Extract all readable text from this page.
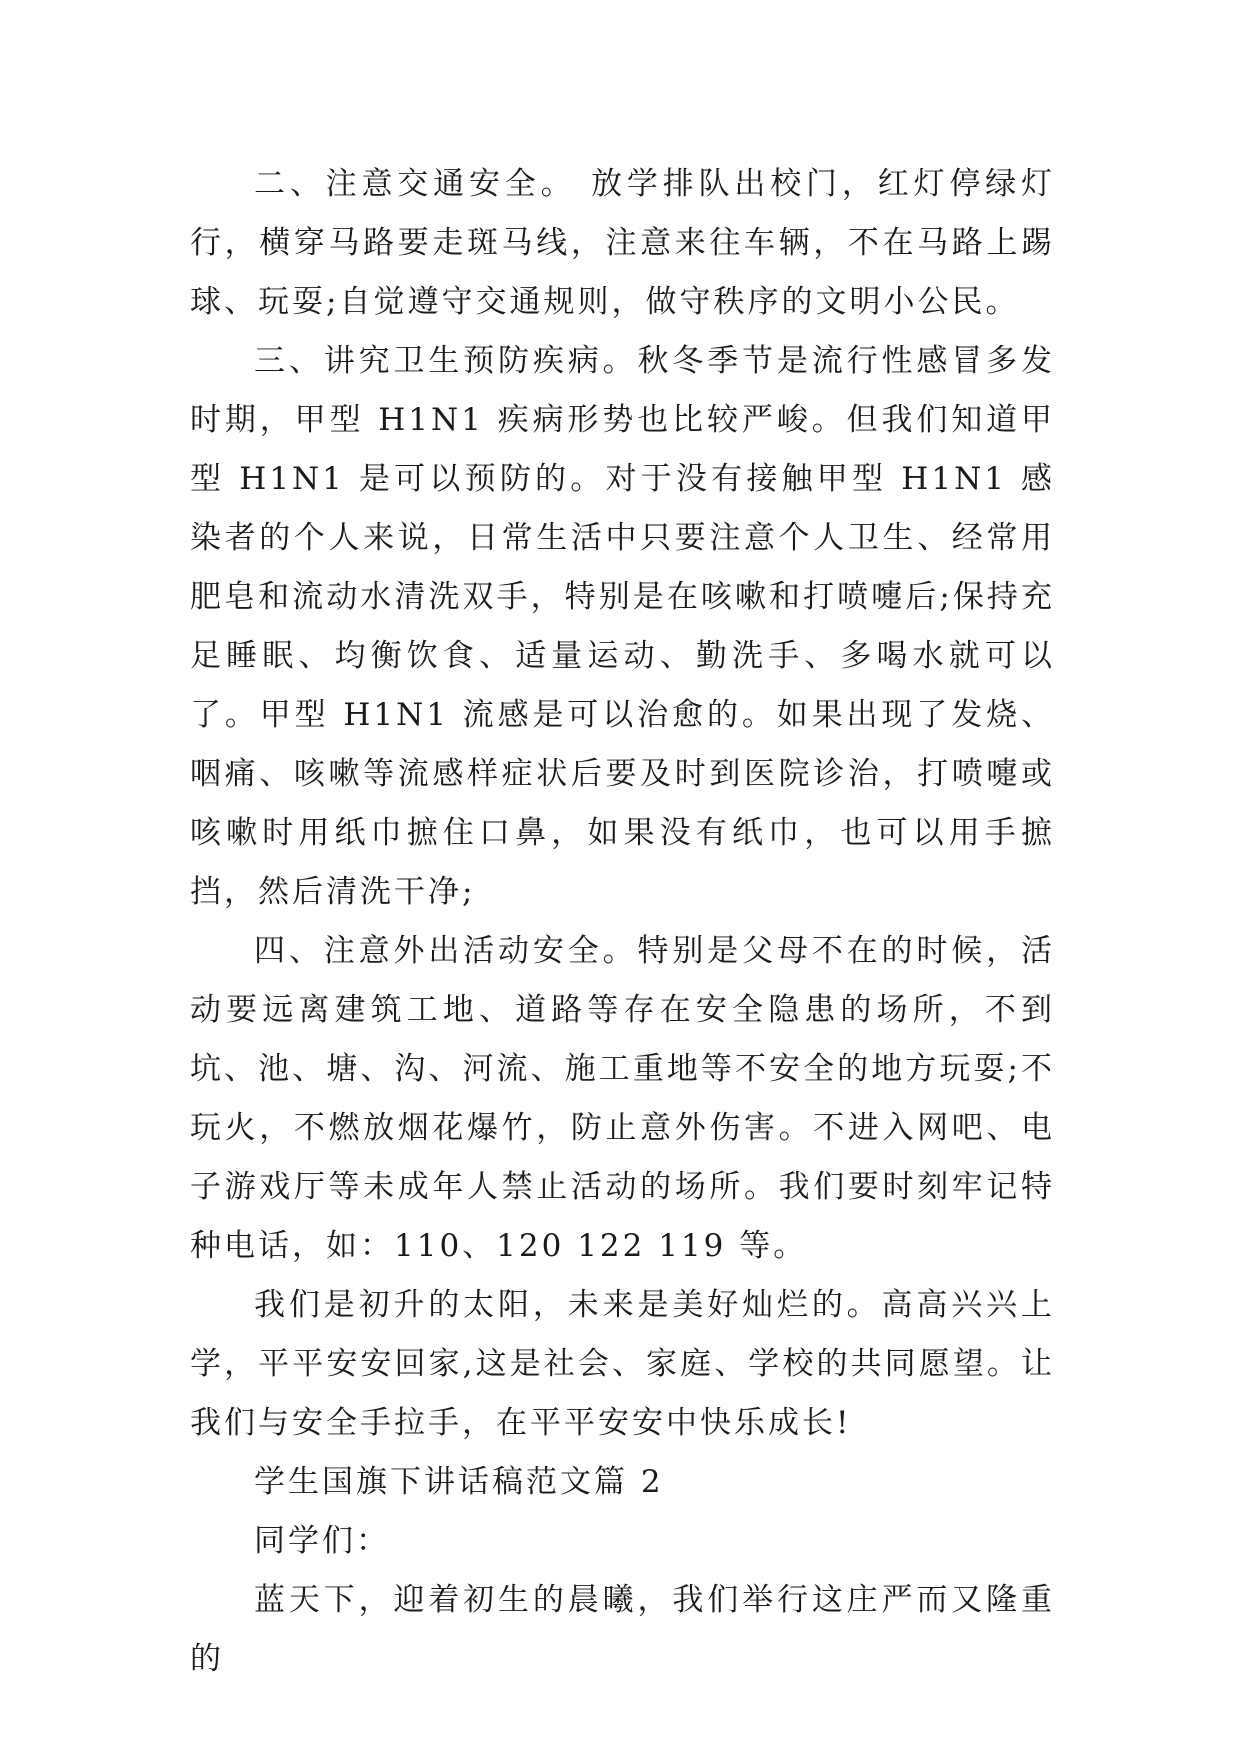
二、注意交通安全。 放学排队出校门，红灯停绿灯行，横穿马路要走斑马线，注意来往车辆，不在马路上踢球、玩耍;自觉遵守交通规则，做守秩序的文明小公民。

三、讲究卫生预防疾病。秋冬季节是流行性感冒多发时期，甲型 H1N1 疾病形势也比较严峻。但我们知道甲型 H1N1 是可以预防的。对于没有接触甲型 H1N1 感染者的个人来说，日常生活中只要注意个人卫生、经常用肥皂和流动水清洗双手，特别是在咳嗽和打喷嚏后;保持充足睡眠、均衡饮食、适量运动、勤洗手、多喝水就可以了。甲型 H1N1 流感是可以治愈的。如果出现了发烧、咽痛、咳嗽等流感样症状后要及时到医院诊治，打喷嚏或咳嗽时用纸巾摭住口鼻，如果没有纸巾，也可以用手摭挡，然后清洗干净;

四、注意外出活动安全。特别是父母不在的时候，活动要远离建筑工地、道路等存在安全隐患的场所，不到坑、池、塘、沟、河流、施工重地等不安全的地方玩耍;不玩火，不燃放烟花爆竹，防止意外伤害。不进入网吧、电子游戏厅等未成年人禁止活动的场所。我们要时刻牢记特种电话，如：110、120 122 119 等。

我们是初升的太阳，未来是美好灿烂的。高高兴兴上学，平平安安回家,这是社会、家庭、学校的共同愿望。让我们与安全手拉手，在平平安安中快乐成长!

学生国旗下讲话稿范文篇 2

同学们：

蓝天下，迎着初生的晨曦，我们举行这庄严而又隆重的
